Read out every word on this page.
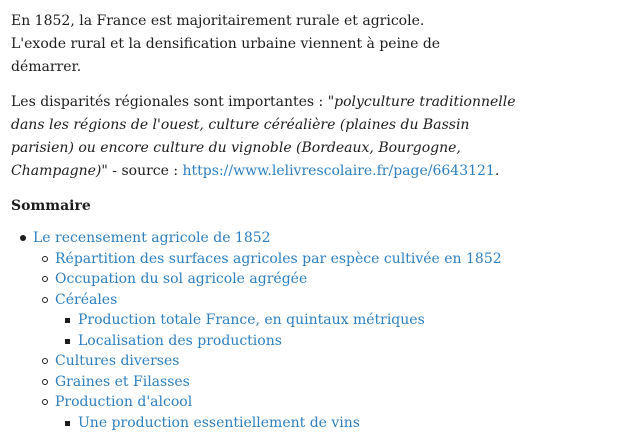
En 1852, la France est majoritairement rurale et agricole. L'exode rural et la densification urbaine viennent à peine de démarrer.

Les disparités régionales sont importantes : "polyculture traditionnelle dans les régions de l'ouest, culture céréalière (plaines du Bassin parisien) ou encore culture du vignoble (Bordeaux, Bourgogne, Champagne)" - source : https://www.lelivrescolaire.fr/page/6643121.

Sommaire
Le recensement agricole de 1852
Répartition des surfaces agricoles par espèce cultivée en 1852
Occupation du sol agricole agrégée
Céréales
Production totale France, en quintaux métriques
Localisation des productions
Cultures diverses
Graines et Filasses
Production d'alcool
Une production essentiellement de vins
